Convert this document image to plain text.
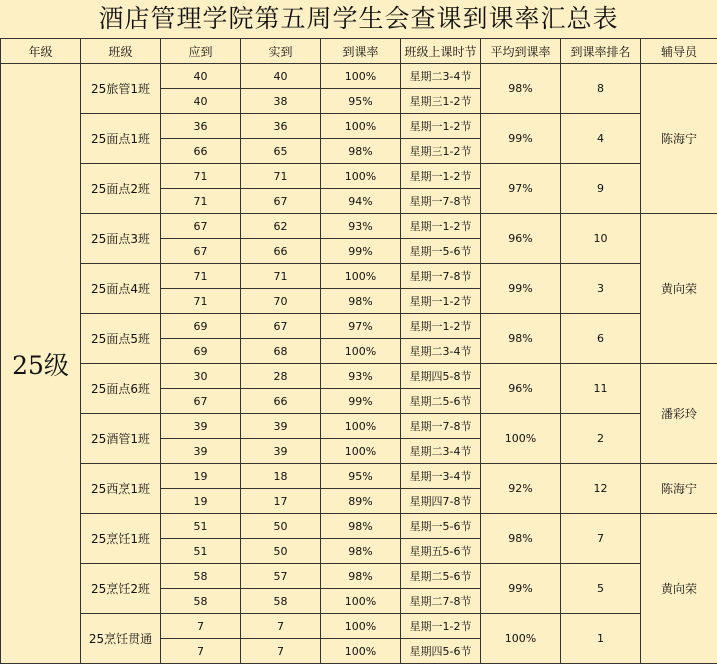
酒店管理学院第五周学生会查课到课率汇总表
年级	班级	应到	实到	到课率	班级上课时节	平均到课率	到课率排名	辅导员
25级	25旅管1班	40	40	100%	星期二3-4节	98%	8	陈海宁
		40	38	95%	星期三1-2节			
	25面点1班	36	36	100%	星期一1-2节	99%	4	
		66	65	98%	星期三1-2节			
	25面点2班	71	71	100%	星期一1-2节	97%	9	
		71	67	94%	星期一7-8节			
	25面点3班	67	62	93%	星期一1-2节	96%	10	黄向荣
		67	66	99%	星期一5-6节			
	25面点4班	71	71	100%	星期一7-8节	99%	3	
		71	70	98%	星期一1-2节			
	25面点5班	69	67	97%	星期一1-2节	98%	6	
		69	68	100%	星期二3-4节			
	25面点6班	30	28	93%	星期四5-8节	96%	11	潘彩玲
		67	66	99%	星期二5-6节			
	25酒管1班	39	39	100%	星期一7-8节	100%	2	
		39	39	100%	星期二3-4节			
	25西烹1班	19	18	95%	星期一3-4节	92%	12	陈海宁
		19	17	89%	星期四7-8节			
	25烹饪1班	51	50	98%	星期一5-6节	98%	7	黄向荣
		51	50	98%	星期五5-6节			
	25烹饪2班	58	57	98%	星期二5-6节	99%	5	
		58	58	100%	星期二7-8节			
	25烹饪贯通	7	7	100%	星期一1-2节	100%	1	
		7	7	100%	星期四5-6节			
